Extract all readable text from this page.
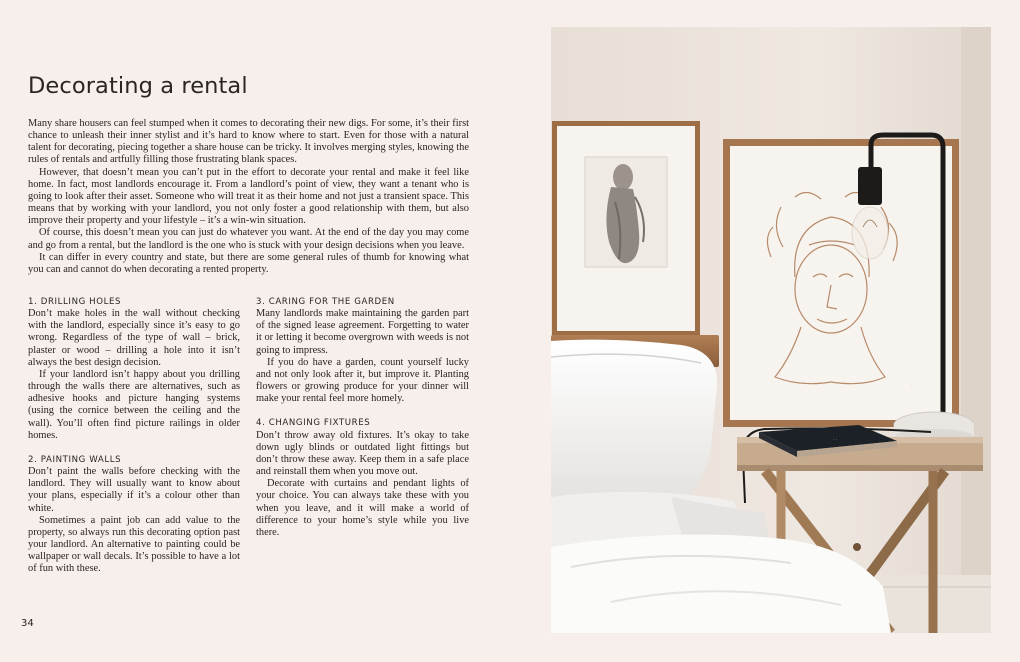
Decorating a rental

Many share housers can feel stumped when it comes to decorating their new digs. For some, it’s their first chance to unleash their inner stylist and it’s hard to know where to start. Even for those with a natural talent for decorating, piecing together a share house can be tricky. It involves merging styles, knowing the rules of rentals and artfully filling those frustrating blank spaces.

However, that doesn’t mean you can’t put in the effort to decorate your rental and make it feel like home. In fact, most landlords encourage it. From a landlord’s point of view, they want a tenant who is going to look after their asset. Someone who will treat it as their home and not just a transient space. This means that by working with your landlord, you not only foster a good relationship with them, but also improve their property and your lifestyle – it’s a win-win situation.

Of course, this doesn’t mean you can just do whatever you want. At the end of the day you may come and go from a rental, but the landlord is the one who is stuck with your design decisions when you leave.

It can differ in every country and state, but there are some general rules of thumb for knowing what you can and cannot do when decorating a rented property.

1. DRILLING HOLES

Don’t make holes in the wall without checking with the landlord, especially since it’s easy to go wrong. Regardless of the type of wall – brick, plaster or wood – drilling a hole into it isn’t always the best design decision.

If your landlord isn’t happy about you drilling through the walls there are alternatives, such as adhesive hooks and picture hanging systems (using the cornice between the ceiling and the wall). You’ll often find picture railings in older homes.

2. PAINTING WALLS

Don’t paint the walls before checking with the landlord. They will usually want to know about your plans, especially if it’s a colour other than white.

Sometimes a paint job can add value to the property, so always run this decorating option past your landlord. An alternative to painting could be wallpaper or wall decals. It’s possible to have a lot of fun with these.

3. CARING FOR THE GARDEN

Many landlords make maintaining the garden part of the signed lease agreement. Forgetting to water it or letting it become overgrown with weeds is not going to impress.

If you do have a garden, count yourself lucky and not only look after it, but improve it. Planting flowers or growing produce for your dinner will make your rental feel more homely.

4. CHANGING FIXTURES

Don’t throw away old fixtures. It’s okay to take down ugly blinds or outdated light fittings but don’t throw these away. Keep them in a safe place and reinstall them when you move out.

Decorate with curtains and pendant lights of your choice. You can always take these with you when you leave, and it will make a world of difference to your home’s style while you live there.

34
·
· ·
